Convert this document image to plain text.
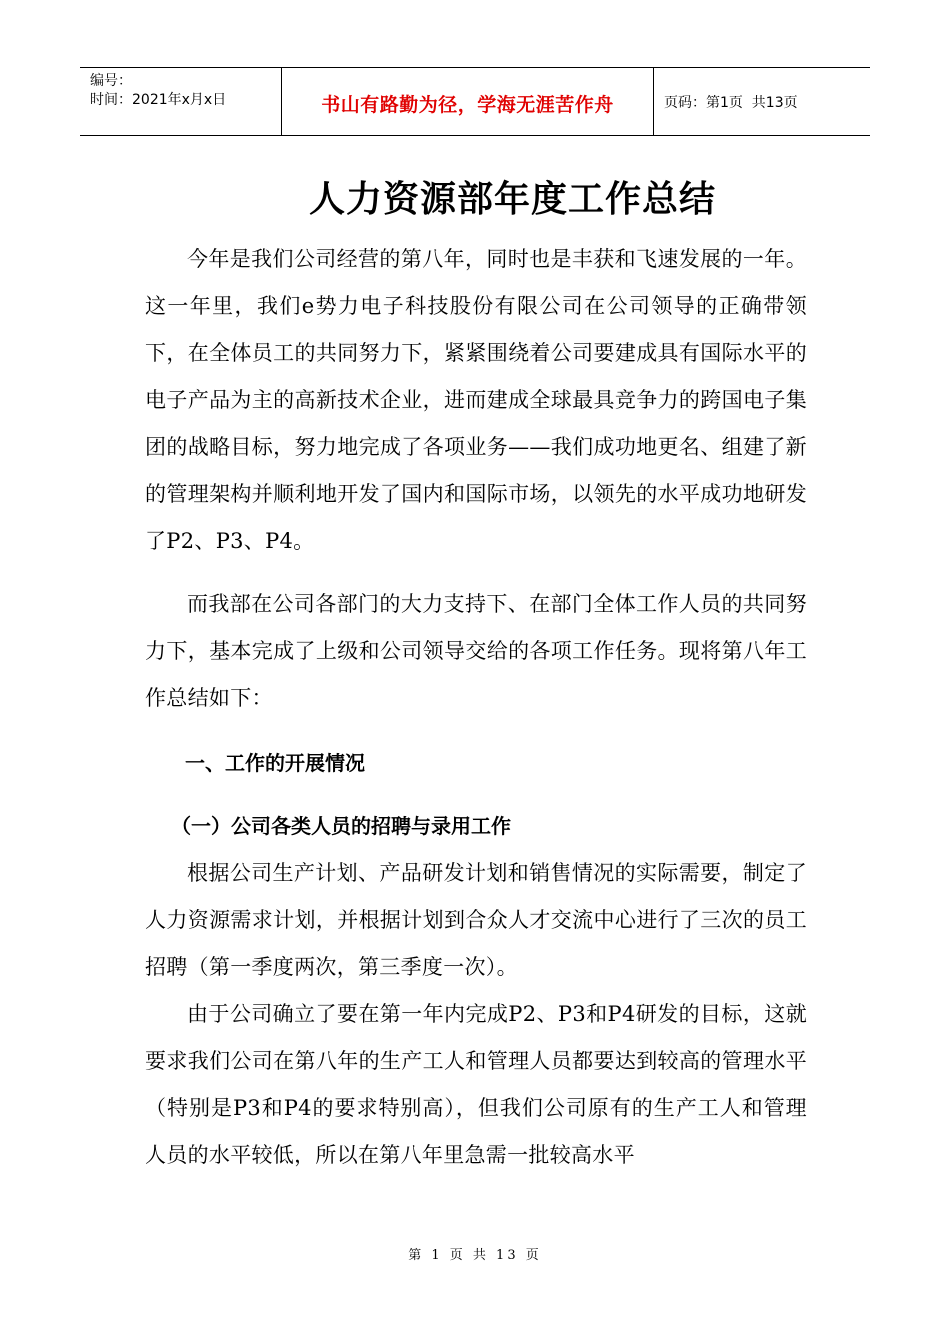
编号：
时间：2021年x月x日	书山有路勤为径，学海无涯苦作舟	页码：第1页  共13页
人力资源部年度工作总结

今年是我们公司经营的第八年，同时也是丰获和飞速发展的一年。这一年里，我们e势力电子科技股份有限公司在公司领导的正确带领下，在全体员工的共同努力下，紧紧围绕着公司要建成具有国际水平的电子产品为主的高新技术企业，进而建成全球最具竞争力的跨国电子集团的战略目标，努力地完成了各项业务——我们成功地更名、组建了新的管理架构并顺利地开发了国内和国际市场，以领先的水平成功地研发了P2、P3、P4。

而我部在公司各部门的大力支持下、在部门全体工作人员的共同努力下，基本完成了上级和公司领导交给的各项工作任务。现将第八年工作总结如下：

一、工作的开展情况

（一）公司各类人员的招聘与录用工作

根据公司生产计划、产品研发计划和销售情况的实际需要，制定了人力资源需求计划，并根据计划到合众人才交流中心进行了三次的员工招聘（第一季度两次，第三季度一次）。

由于公司确立了要在第一年内完成P2、P3和P4研发的目标，这就要求我们公司在第八年的生产工人和管理人员都要达到较高的管理水平（特别是P3和P4的要求特别高），但我们公司原有的生产工人和管理人员的水平较低，所以在第八年里急需一批较高水平

第 1 页 共 13 页
